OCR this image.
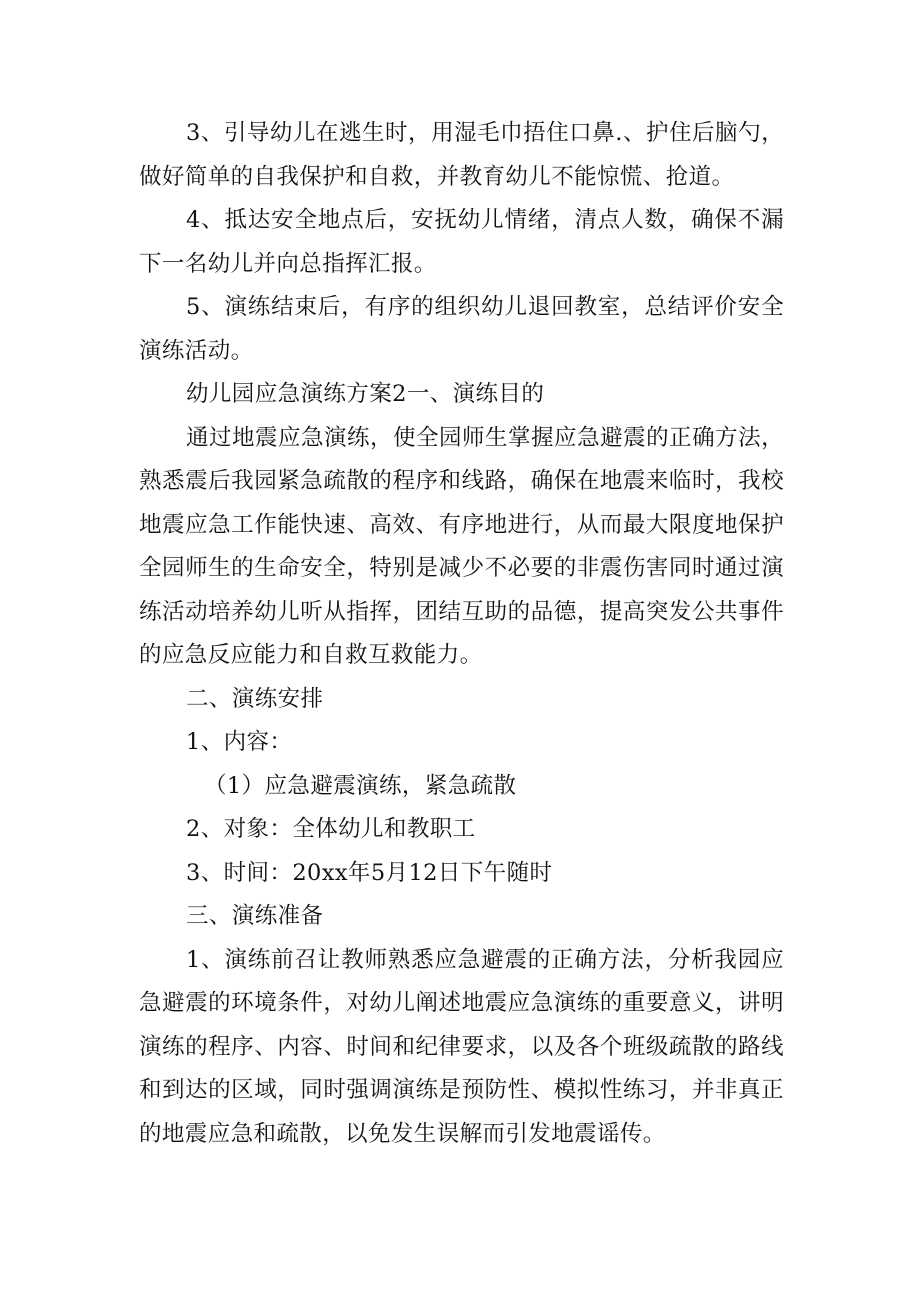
3、引导幼儿在逃生时，用湿毛巾捂住口鼻.、护住后脑勺，做好简单的自我保护和自救，并教育幼儿不能惊慌、抢道。

4、抵达安全地点后，安抚幼儿情绪，清点人数，确保不漏下一名幼儿并向总指挥汇报。

5、演练结束后，有序的组织幼儿退回教室，总结评价安全演练活动。

幼儿园应急演练方案2一、演练目的

通过地震应急演练，使全园师生掌握应急避震的正确方法，熟悉震后我园紧急疏散的程序和线路，确保在地震来临时，我校地震应急工作能快速、高效、有序地进行，从而最大限度地保护全园师生的生命安全，特别是减少不必要的非震伤害同时通过演练活动培养幼儿听从指挥，团结互助的品德，提高突发公共事件的应急反应能力和自救互救能力。

二、演练安排

1、内容：

（1）应急避震演练，紧急疏散

2、对象：全体幼儿和教职工

3、时间：20xx年5月12日下午随时

三、演练准备

1、演练前召让教师熟悉应急避震的正确方法，分析我园应急避震的环境条件，对幼儿阐述地震应急演练的重要意义，讲明演练的程序、内容、时间和纪律要求，以及各个班级疏散的路线和到达的区域，同时强调演练是预防性、模拟性练习，并非真正的地震应急和疏散，以免发生误解而引发地震谣传。
